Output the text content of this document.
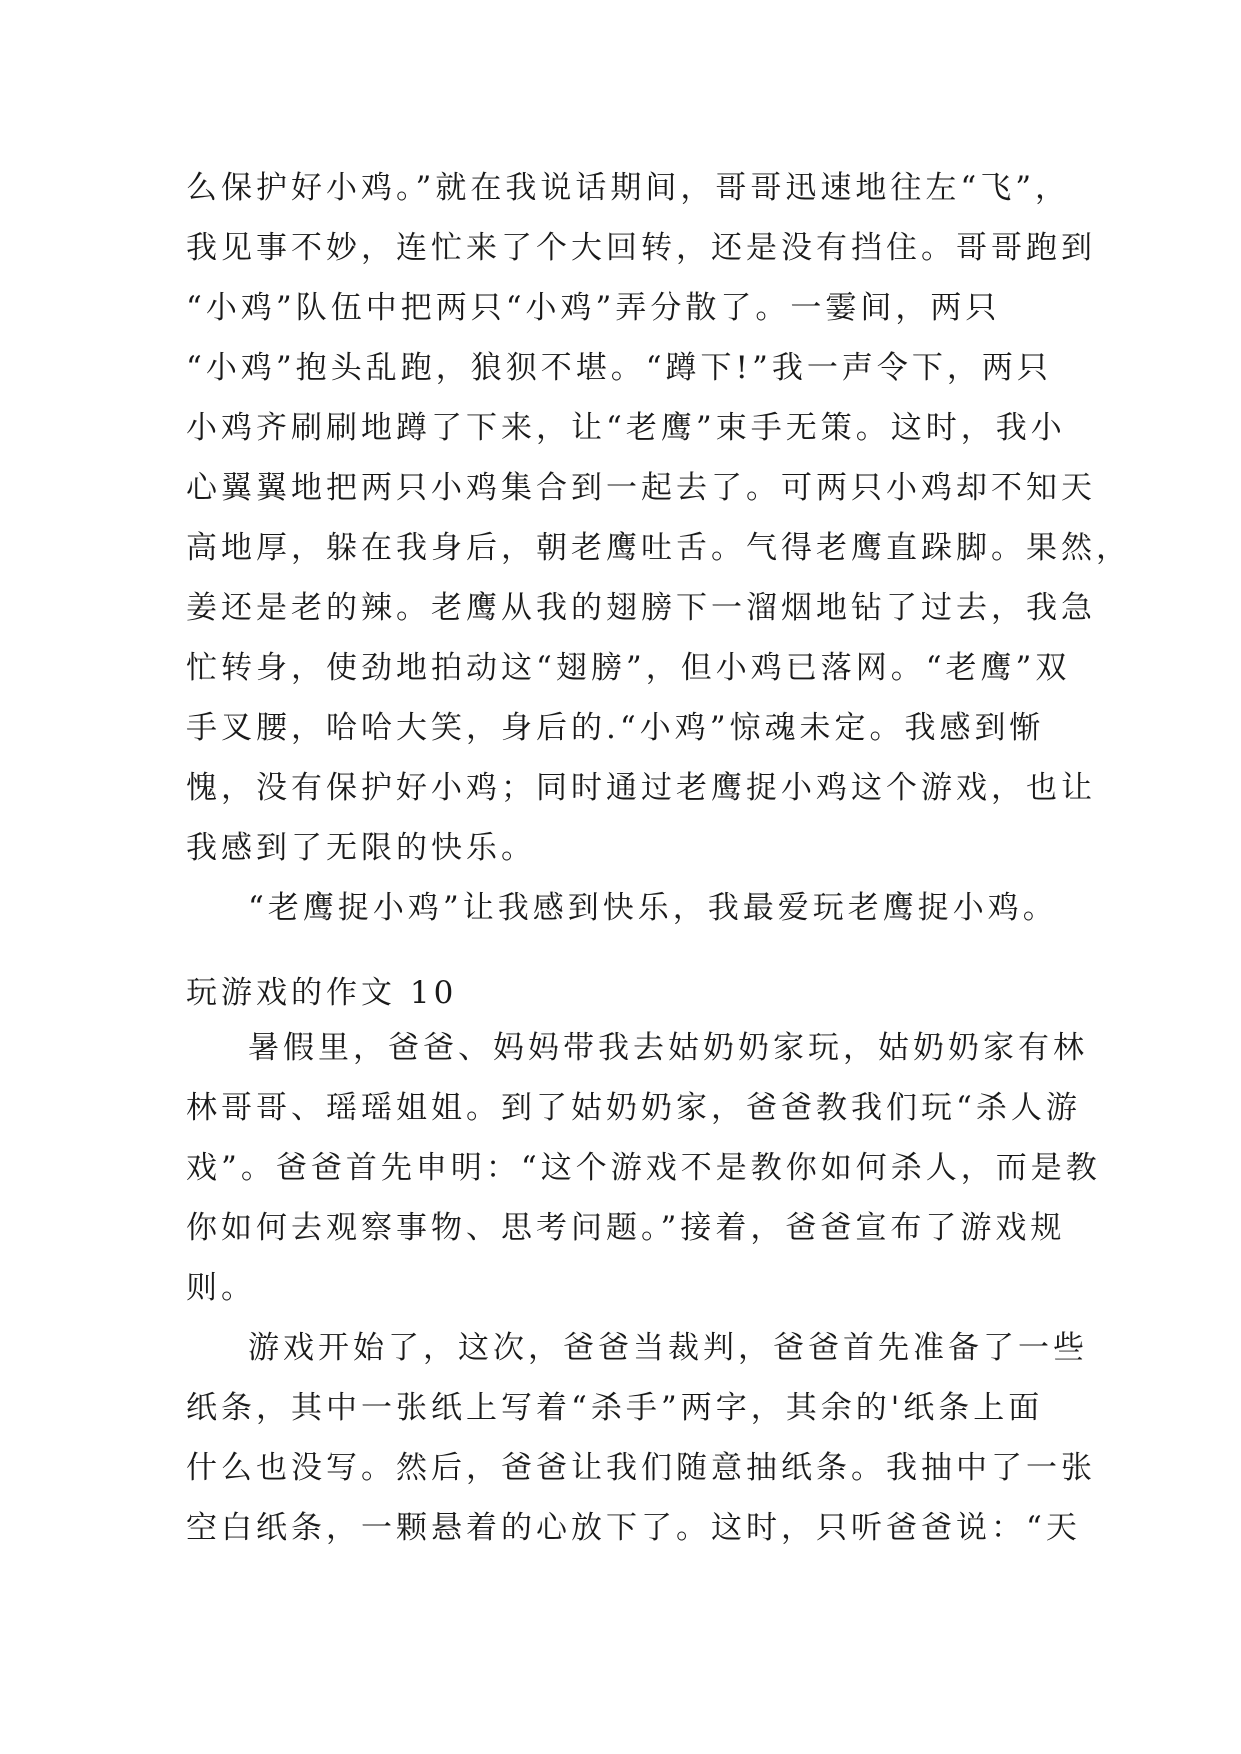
么保护好小鸡。”就在我说话期间，哥哥迅速地往左“飞”，
我见事不妙，连忙来了个大回转，还是没有挡住。哥哥跑到
“小鸡”队伍中把两只“小鸡”弄分散了。一霎间，两只
“小鸡”抱头乱跑，狼狈不堪。“蹲下!”我一声令下，两只
小鸡齐刷刷地蹲了下来，让“老鹰”束手无策。这时，我小
心翼翼地把两只小鸡集合到一起去了。可两只小鸡却不知天
高地厚，躲在我身后，朝老鹰吐舌。气得老鹰直跺脚。果然，
姜还是老的辣。老鹰从我的翅膀下一溜烟地钻了过去，我急
忙转身，使劲地拍动这“翅膀”，但小鸡已落网。“老鹰”双
手叉腰，哈哈大笑，身后的.“小鸡”惊魂未定。我感到惭
愧，没有保护好小鸡；同时通过老鹰捉小鸡这个游戏，也让
我感到了无限的快乐。
“老鹰捉小鸡”让我感到快乐，我最爱玩老鹰捉小鸡。
玩游戏的作文 10
暑假里，爸爸、妈妈带我去姑奶奶家玩，姑奶奶家有林
林哥哥、瑶瑶姐姐。到了姑奶奶家，爸爸教我们玩“杀人游
戏”。爸爸首先申明：“这个游戏不是教你如何杀人，而是教
你如何去观察事物、思考问题。”接着，爸爸宣布了游戏规
则。
游戏开始了，这次，爸爸当裁判，爸爸首先准备了一些
纸条，其中一张纸上写着“杀手”两字，其余的'纸条上面
什么也没写。然后，爸爸让我们随意抽纸条。我抽中了一张
空白纸条，一颗悬着的心放下了。这时，只听爸爸说：“天
